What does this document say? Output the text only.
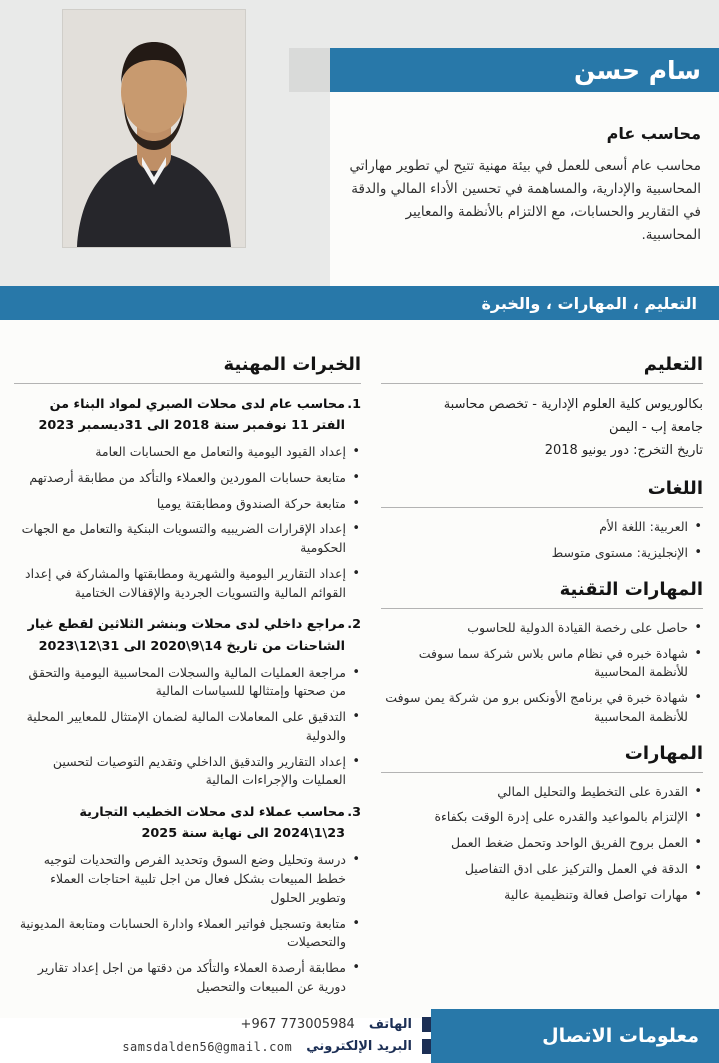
سام حسن
محاسب عام

محاسب عام أسعى للعمل في بيئة مهنية تتيح لي تطوير مهاراتي المحاسبية والإدارية، والمساهمة في تحسين الأداء المالي والدقة في التقارير والحسابات، مع الالتزام بالأنظمة والمعايير المحاسبية.

التعليم ، المهارات ، والخبرة
التعليم

بكالوريوس كلية العلوم الإدارية - تخصص محاسبة

جامعة إب - اليمن

تاريخ التخرج: دور يونيو 2018

اللغات
• العربية: اللغة الأم
• الإنجليزية: مستوى متوسط
المهارات التقنية
• حاصل على رخصة القيادة الدولية للحاسوب
• شهادة خبره في نظام ماس بلاس شركة سما سوفت للأنظمة المحاسبية
• شهادة خبرة في برنامج الأونكس برو من شركة يمن سوفت للأنظمة المحاسبية
المهارات
• القدرة على التخطيط والتحليل المالي
• الإلتزام بالمواعيد والقدره على إدرة الوقت بكفاءة
• العمل بروح الفريق الواحد وتحمل ضغط العمل
• الدقة في العمل والتركيز على ادق التفاصيل
• مهارات تواصل فعالة وتنظيمية عالية
الخبرات المهنية

1.
محاسب عام لدى محلات الصبري لمواد البناء من الفتر 11 نوفمبر سنة 2018 الى 31ديسمبر 2023

• إعداد القيود اليومية والتعامل مع الحسابات العامة
• متابعة حسابات الموردين والعملاء والتأكد من مطابقة أرصدتهم
• متابعة حركة الصندوق ومطابقتة يوميا
• إعداد الإقرارات الضريبيه والتسويات البنكية والتعامل مع الجهات الحكومية
• إعداد التقارير اليومية والشهرية ومطابقتها والمشاركة في إعداد القوائم المالية والتسويات الجردية والإقفالات الختامية

2.
مراجع داخلي لدى محلات وبنشر الثلاثين لقطع غيار الشاحنات من تاريخ 14\9\2020 الى 31\12\2023

• مراجعة العمليات المالية والسجلات المحاسبية اليومية والتحقق من صحتها وإمتثالها للسياسات المالية
• التدقيق على المعاملات المالية لضمان الإمتثال للمعايير المحلية والدولية
• إعداد التقارير والتدقيق الداخلي وتقديم التوصيات لتحسين العمليات والإجراءات المالية

3.
محاسب عملاء لدى محلات الخطيب التجارية 23\1\2024 الى نهاية سنة 2025

• درسة وتحليل وضع السوق وتحديد الفرص والتحديات لتوجيه خطط المبيعات بشكل فعال من اجل تلبية احتاجات العملاء وتطوير الحلول
• متابعة وتسجيل فواتير العملاء وادارة الحسابات ومتابعة المديونية والتحصيلات
• مطابقة أرصدة العملاء والتأكد من دقتها من اجل إعداد تقارير دورية عن المبيعات والتحصيل
معلومات الاتصال
الهاتف
+967 773005984
البريد الإلكتروني
samsdalden56@gmail.com
